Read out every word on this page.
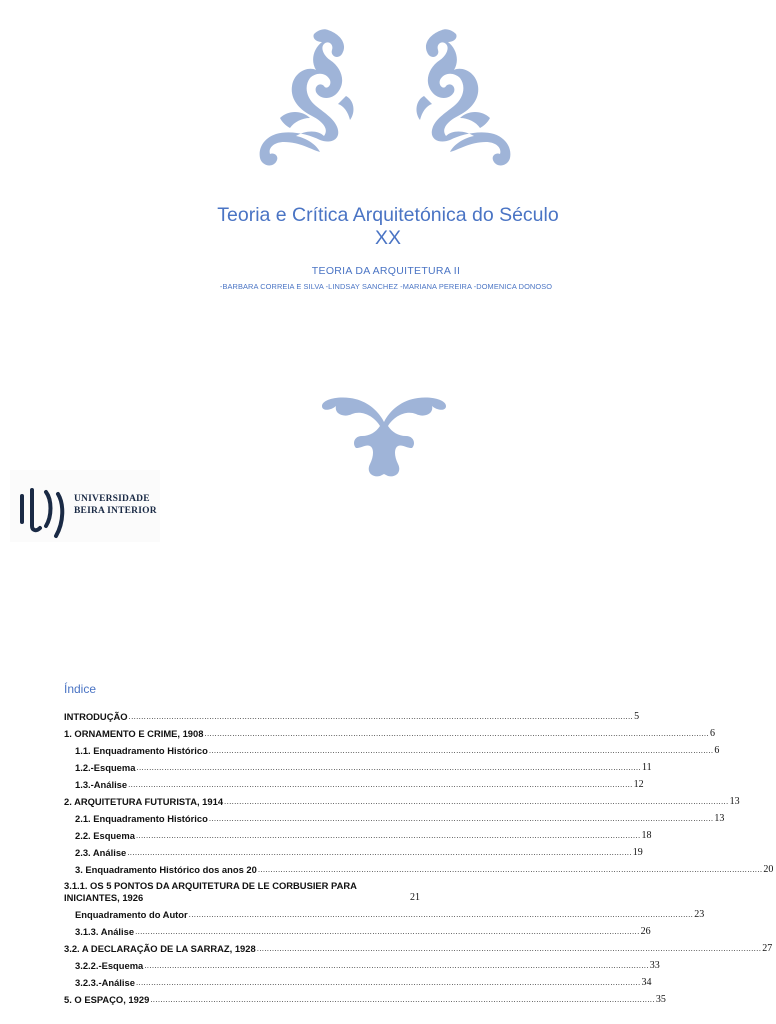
Teoria e Crítica Arquitetónica do Século
XX
TEORIA DA ARQUITETURA II
-BARBARA CORREIA E SILVA -LINDSAY SANCHEZ -MARIANA PEREIRA -DOMENICA DONOSO
UNIVERSIDADE
BEIRA INTERIOR
Índice
INTRODUÇÃO ........................................................................................................................................................................................................ 5
1. ORNAMENTO E CRIME, 1908 ........................................................................................................................................................................................................ 6
1.1. Enquadramento Histórico ........................................................................................................................................................................................................ 6
1.2.-Esquema ........................................................................................................................................................................................................ 11
1.3.-Análise ........................................................................................................................................................................................................ 12
2. ARQUITETURA FUTURISTA, 1914 ........................................................................................................................................................................................................ 13
2.1. Enquadramento Histórico ........................................................................................................................................................................................................ 13
2.2. Esquema ........................................................................................................................................................................................................ 18
2.3. Análise ........................................................................................................................................................................................................ 19
3. Enquadramento Histórico dos anos 20 ........................................................................................................................................................................................................ 20
3.1.1. OS 5 PONTOS DA ARQUITETURA DE LE CORBUSIER PARA INICIANTES, 1926	21
Enquadramento do Autor ........................................................................................................................................................................................................ 23
3.1.3. Análise ........................................................................................................................................................................................................ 26
3.2. A DECLARAÇÃO DE LA SARRAZ, 1928 ........................................................................................................................................................................................................ 27
3.2.2.-Esquema ........................................................................................................................................................................................................ 33
3.2.3.-Análise ........................................................................................................................................................................................................ 34
5. O ESPAÇO, 1929 ........................................................................................................................................................................................................ 35
